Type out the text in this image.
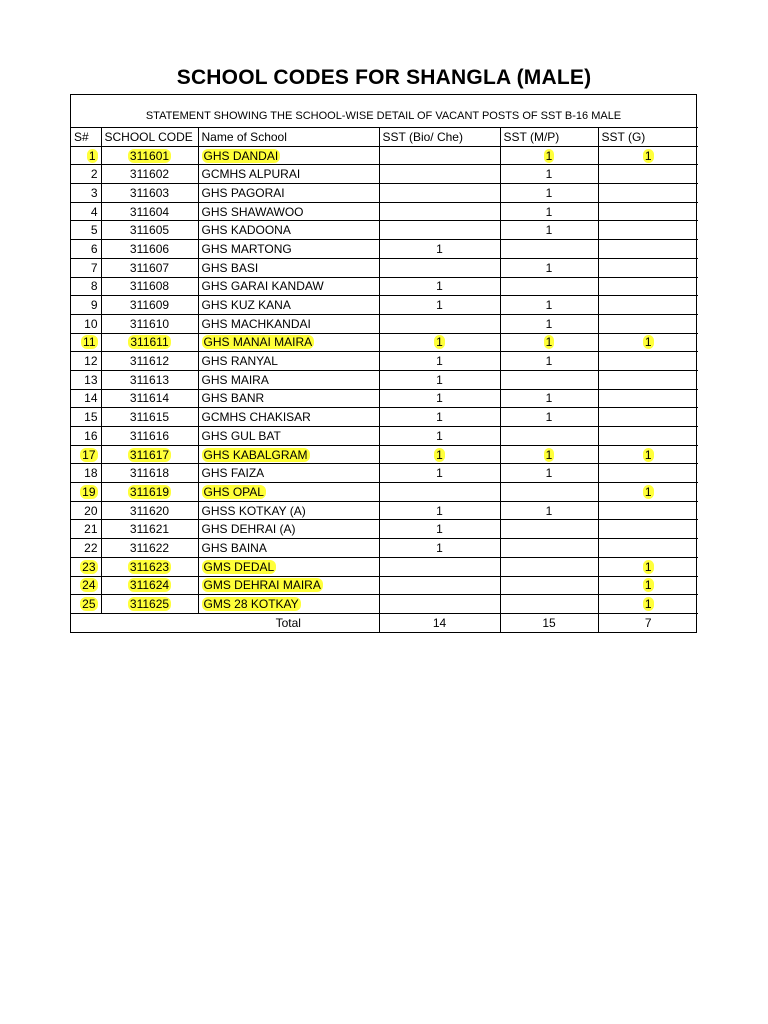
SCHOOL CODES FOR SHANGLA (MALE)
STATEMENT SHOWING THE SCHOOL-WISE DETAIL OF VACANT POSTS OF SST B-16 MALE
S#	SCHOOL CODE	Name of School	SST (Bio/ Che)	SST (M/P)	SST (G)
1	311601	GHS DANDAI		1	1
2	311602	GCMHS ALPURAI		1	
3	311603	GHS PAGORAI		1	
4	311604	GHS SHAWAWOO		1	
5	311605	GHS KADOONA		1	
6	311606	GHS MARTONG	1		
7	311607	GHS BASI		1	
8	311608	GHS GARAI KANDAW	1		
9	311609	GHS KUZ KANA	1	1	
10	311610	GHS MACHKANDAI		1	
11	311611	GHS MANAI MAIRA	1	1	1
12	311612	GHS RANYAL	1	1	
13	311613	GHS MAIRA	1		
14	311614	GHS BANR	1	1	
15	311615	GCMHS CHAKISAR	1	1	
16	311616	GHS GUL BAT	1		
17	311617	GHS KABALGRAM	1	1	1
18	311618	GHS FAIZA	1	1	
19	311619	GHS OPAL			1
20	311620	GHSS KOTKAY (A)	1	1	
21	311621	GHS DEHRAI (A)	1		
22	311622	GHS BAINA	1		
23	311623	GMS DEDAL			1
24	311624	GMS DEHRAI MAIRA			1
25	311625	GMS 28 KOTKAY			1
		Total	14	15	7
